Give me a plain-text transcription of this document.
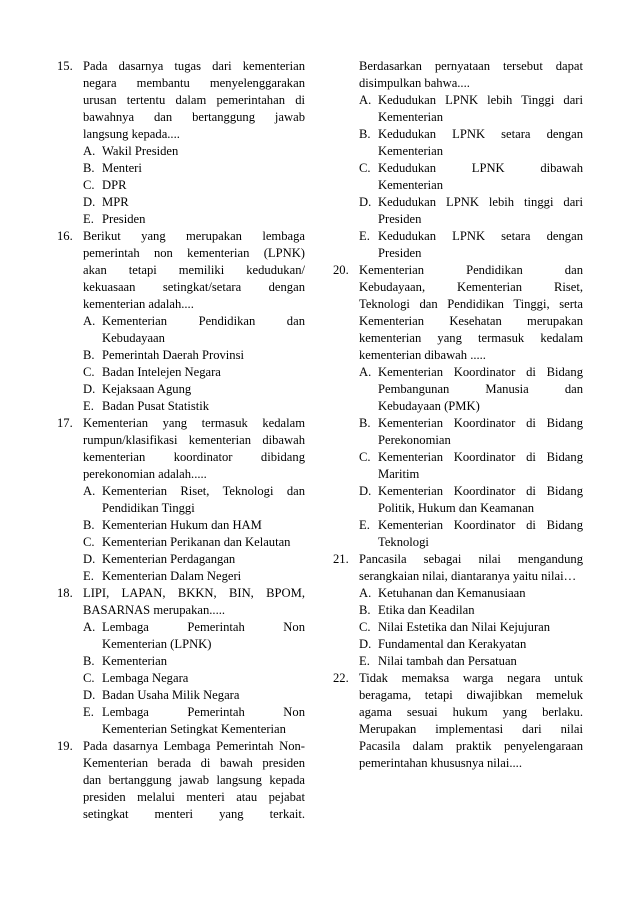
15. Pada dasarnya tugas dari kementerian
negara membantu menyelenggarakan
urusan tertentu dalam pemerintahan di
bawahnya dan bertanggung jawab
langsung kepada....
A. Wakil Presiden
B. Menteri
C. DPR
D. MPR
E. Presiden
16. Berikut yang merupakan lembaga
pemerintah non kementerian (LPNK)
akan tetapi memiliki kedudukan/
kekuasaan setingkat/setara dengan
kementerian adalah....
A. Kementerian Pendidikan dan
Kebudayaan
B. Pemerintah Daerah Provinsi
C. Badan Intelejen Negara
D. Kejaksaan Agung
E. Badan Pusat Statistik
17. Kementerian yang termasuk kedalam
rumpun/klasifikasi kementerian dibawah
kementerian koordinator dibidang
perekonomian adalah.....
A. Kementerian Riset, Teknologi dan
Pendidikan Tinggi
B. Kementerian Hukum dan HAM
C. Kementerian Perikanan dan Kelautan
D. Kementerian Perdagangan
E. Kementerian Dalam Negeri
18. LIPI, LAPAN, BKKN, BIN, BPOM,
BASARNAS merupakan.....
A. Lembaga Pemerintah Non
Kementerian (LPNK)
B. Kementerian
C. Lembaga Negara
D. Badan Usaha Milik Negara
E. Lembaga Pemerintah Non
Kementerian Setingkat Kementerian
19. Pada dasarnya Lembaga Pemerintah Non-
Kementerian berada di bawah presiden
dan bertanggung jawab langsung kepada
presiden melalui menteri atau pejabat
setingkat menteri yang terkait.
Berdasarkan pernyataan tersebut dapat
disimpulkan bahwa....
A. Kedudukan LPNK lebih Tinggi dari
Kementerian
B. Kedudukan LPNK setara dengan
Kementerian
C. Kedudukan LPNK dibawah
Kementerian
D. Kedudukan LPNK lebih tinggi dari
Presiden
E. Kedudukan LPNK setara dengan
Presiden
20. Kementerian Pendidikan dan
Kebudayaan, Kementerian Riset,
Teknologi dan Pendidikan Tinggi, serta
Kementerian Kesehatan merupakan
kementerian yang termasuk kedalam
kementerian dibawah .....
A. Kementerian Koordinator di Bidang
Pembangunan Manusia dan
Kebudayaan (PMK)
B. Kementerian Koordinator di Bidang
Perekonomian
C. Kementerian Koordinator di Bidang
Maritim
D. Kementerian Koordinator di Bidang
Politik, Hukum dan Keamanan
E. Kementerian Koordinator di Bidang
Teknologi
21. Pancasila sebagai nilai mengandung
serangkaian nilai, diantaranya yaitu nilai…
A. Ketuhanan dan Kemanusiaan
B. Etika dan Keadilan
C. Nilai Estetika dan Nilai Kejujuran
D. Fundamental dan Kerakyatan
E. Nilai tambah dan Persatuan
22. Tidak memaksa warga negara untuk
beragama, tetapi diwajibkan memeluk
agama sesuai hukum yang berlaku.
Merupakan implementasi dari nilai
Pacasila dalam praktik penyelengaraan
pemerintahan khususnya nilai....
